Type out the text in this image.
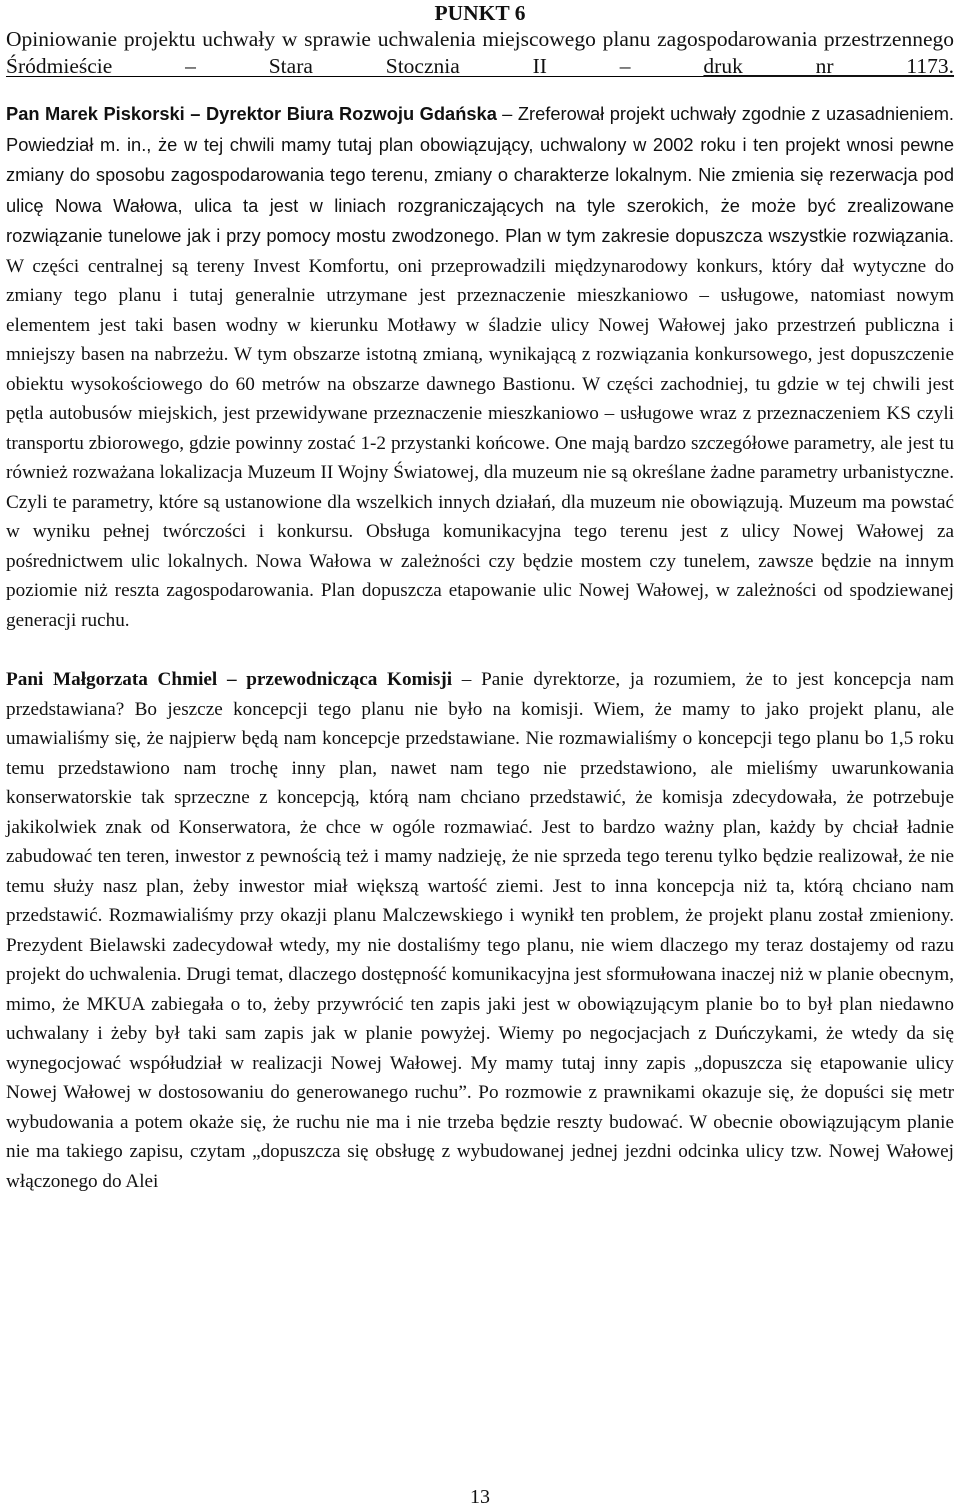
PUNKT 6

Opiniowanie projektu uchwały w sprawie uchwalenia miejscowego planu zagospodarowania przestrzennego Śródmieście – Stara Stocznia II –	druk nr 1173.

Pan Marek Piskorski – Dyrektor Biura Rozwoju Gdańska – Zreferował projekt uchwały zgodnie z uzasadnieniem. Powiedział m. in., że w tej chwili mamy tutaj plan obowiązujący, uchwalony w 2002 roku i ten projekt wnosi pewne zmiany do sposobu zagospodarowania tego terenu, zmiany o charakterze lokalnym. Nie zmienia się rezerwacja pod ulicę Nowa Wałowa, ulica ta jest w liniach rozgraniczających na tyle szerokich, że może być zrealizowane rozwiązanie tunelowe jak i przy pomocy mostu zwodzonego. Plan w tym zakresie dopuszcza wszystkie rozwiązania. W części centralnej są tereny Invest Komfortu, oni przeprowadzili międzynarodowy konkurs, który dał wytyczne do zmiany tego planu i tutaj generalnie utrzymane jest przeznaczenie mieszkaniowo – usługowe, natomiast nowym elementem jest taki basen wodny w kierunku Motławy w śladzie ulicy Nowej Wałowej jako przestrzeń publiczna i mniejszy basen na nabrzeżu. W tym obszarze istotną zmianą, wynikającą z rozwiązania konkursowego, jest dopuszczenie obiektu wysokościowego do 60 metrów na obszarze dawnego Bastionu. W części zachodniej, tu gdzie w tej chwili jest pętla autobusów miejskich, jest przewidywane przeznaczenie mieszkaniowo – usługowe wraz z przeznaczeniem KS czyli transportu zbiorowego, gdzie powinny zostać 1-2 przystanki końcowe. One mają bardzo szczegółowe parametry, ale jest tu również rozważana lokalizacja Muzeum II Wojny Światowej, dla muzeum nie są określane żadne parametry urbanistyczne. Czyli te parametry, które są ustanowione dla wszelkich innych działań, dla muzeum nie obowiązują. Muzeum ma powstać w wyniku pełnej twórczości i konkursu. Obsługa komunikacyjna tego terenu jest z ulicy Nowej Wałowej za pośrednictwem ulic lokalnych. Nowa Wałowa w zależności czy będzie mostem czy tunelem, zawsze będzie na innym poziomie niż reszta zagospodarowania. Plan dopuszcza etapowanie ulic Nowej Wałowej, w zależności od spodziewanej generacji ruchu.

Pani Małgorzata Chmiel – przewodnicząca Komisji – Panie dyrektorze, ja rozumiem, że to jest koncepcja nam przedstawiana? Bo jeszcze koncepcji tego planu nie było na komisji. Wiem, że mamy to jako projekt planu, ale umawialiśmy się, że najpierw będą nam koncepcje przedstawiane. Nie rozmawialiśmy o koncepcji tego planu bo 1,5 roku temu przedstawiono nam trochę inny plan, nawet nam tego nie przedstawiono, ale mieliśmy uwarunkowania konserwatorskie tak sprzeczne z koncepcją, którą nam chciano przedstawić, że komisja zdecydowała, że potrzebuje jakikolwiek znak od Konserwatora, że chce w ogóle rozmawiać. Jest to bardzo ważny plan, każdy by chciał ładnie zabudować ten teren, inwestor z pewnością też i mamy nadzieję, że nie sprzeda tego terenu tylko będzie realizował, że nie temu służy nasz plan, żeby inwestor miał większą wartość ziemi. Jest to inna koncepcja niż ta, którą chciano nam przedstawić. Rozmawialiśmy przy okazji planu Malczewskiego i wynikł ten problem, że projekt planu został zmieniony. Prezydent Bielawski zadecydował wtedy, my nie dostaliśmy tego planu, nie wiem dlaczego my teraz dostajemy od razu projekt do uchwalenia. Drugi temat, dlaczego dostępność komunikacyjna jest sformułowana inaczej niż w planie obecnym, mimo, że MKUA zabiegała o to, żeby przywrócić ten zapis jaki jest w obowiązującym planie bo to był plan niedawno uchwalany i żeby był taki sam zapis jak w planie powyżej. Wiemy po negocjacjach z Duńczykami, że wtedy da się wynegocjować współudział w realizacji Nowej Wałowej. My mamy tutaj inny zapis „dopuszcza się etapowanie ulicy Nowej Wałowej w dostosowaniu do generowanego ruchu”. Po rozmowie z prawnikami okazuje się, że dopuści się metr wybudowania a potem okaże się, że ruchu nie ma i nie trzeba będzie reszty budować. W obecnie obowiązującym planie nie ma takiego zapisu, czytam „dopuszcza się obsługę z wybudowanej jednej jezdni odcinka ulicy tzw. Nowej Wałowej włączonego do Alei

13
